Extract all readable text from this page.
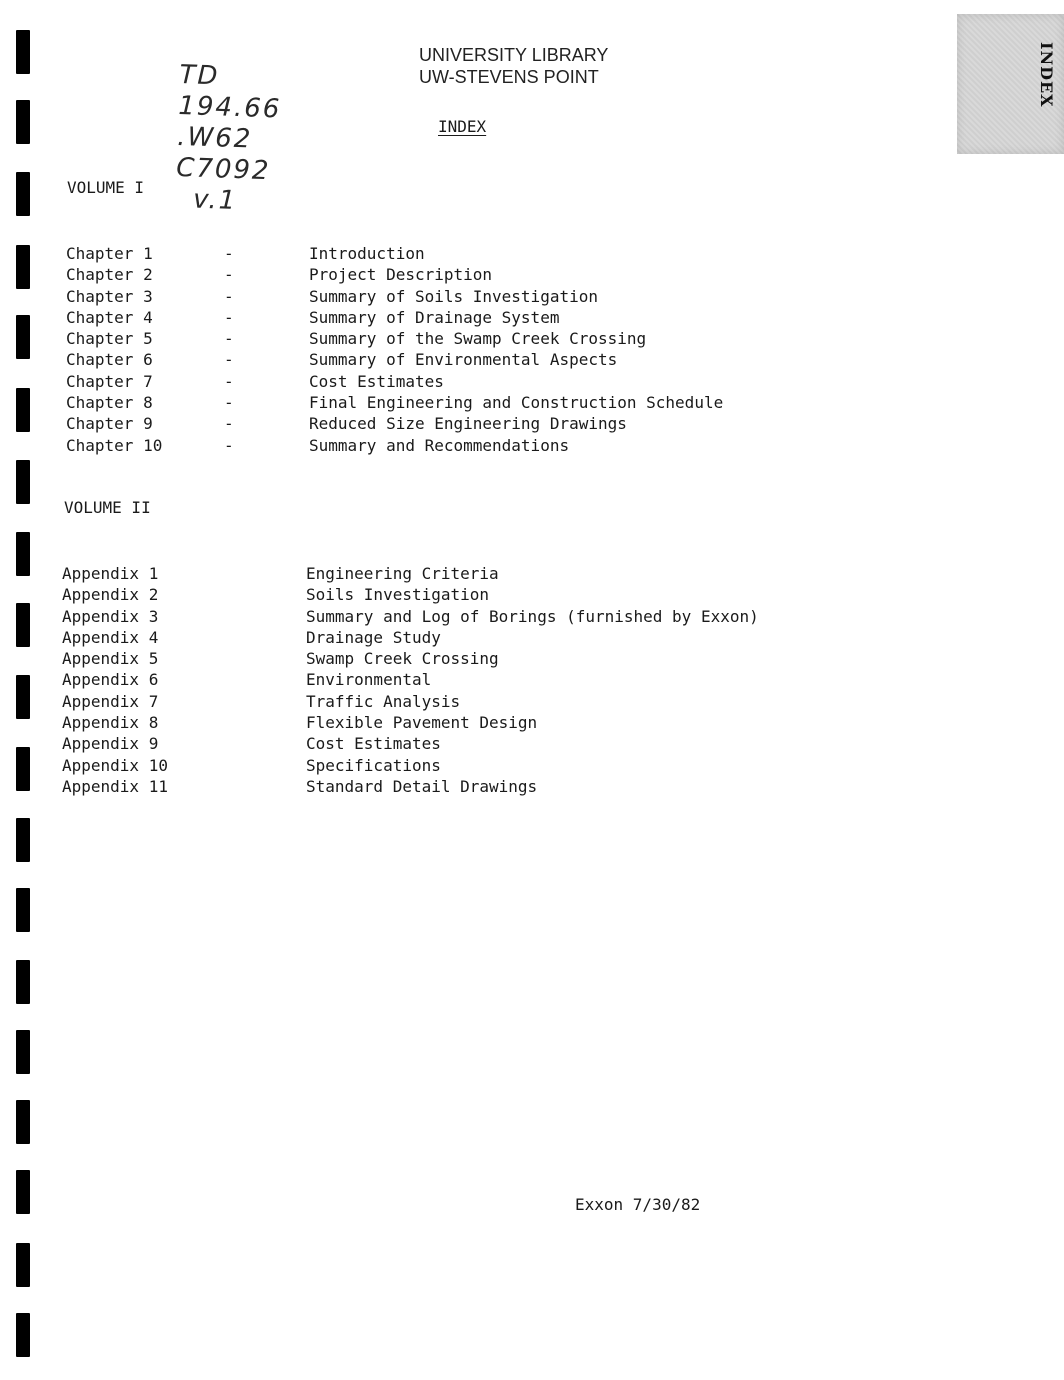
INDEX
UNIVERSITY LIBRARY
UW-STEVENS POINT
TD
194.66
.W62
C7092
v.1
INDEX
VOLUME I
Chapter 1	-	Introduction
Chapter 2	-	Project Description
Chapter 3	-	Summary of Soils Investigation
Chapter 4	-	Summary of Drainage System
Chapter 5	-	Summary of the Swamp Creek Crossing
Chapter 6	-	Summary of Environmental Aspects
Chapter 7	-	Cost Estimates
Chapter 8	-	Final Engineering and Construction Schedule
Chapter 9	-	Reduced Size Engineering Drawings
Chapter 10	-	Summary and Recommendations
VOLUME II
Appendix 1	Engineering Criteria
Appendix 2	Soils Investigation
Appendix 3	Summary and Log of Borings (furnished by Exxon)
Appendix 4	Drainage Study
Appendix 5	Swamp Creek Crossing
Appendix 6	Environmental
Appendix 7	Traffic Analysis
Appendix 8	Flexible Pavement Design
Appendix 9	Cost Estimates
Appendix 10	Specifications
Appendix 11	Standard Detail Drawings
Exxon 7/30/82
